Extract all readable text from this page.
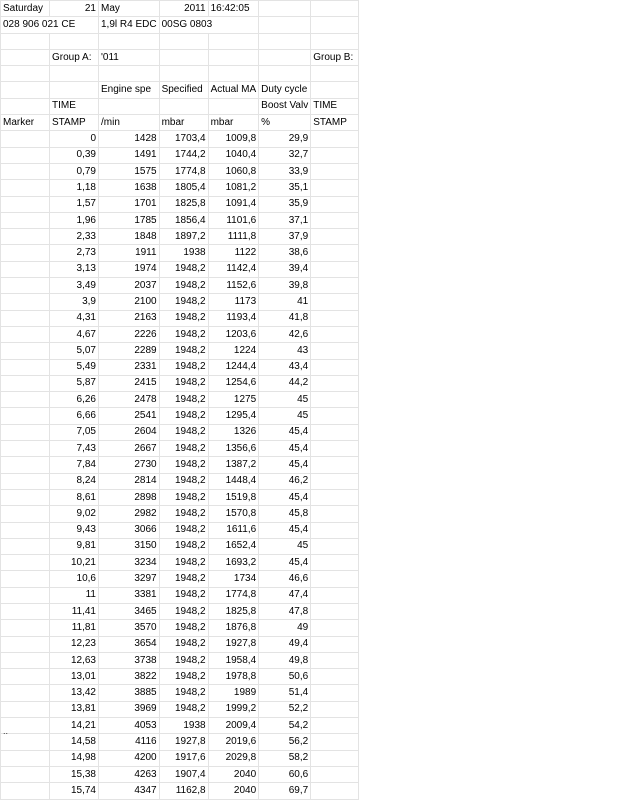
Saturday	21	May	2011	16:42:05		
028 906 021 CE		1,9l R4 EDC	00SG 0803			

	Group A:	'011				Group B:

		Engine spe	Specified	Actual MA	Duty cycle	
	TIME				Boost Valv	TIME
Marker	STAMP	/min	mbar	mbar	%	STAMP
	0	1428	1703,4	1009,8	29,9	
	0,39	1491	1744,2	1040,4	32,7	
	0,79	1575	1774,8	1060,8	33,9	
	1,18	1638	1805,4	1081,2	35,1	
	1,57	1701	1825,8	1091,4	35,9	
	1,96	1785	1856,4	1101,6	37,1	
	2,33	1848	1897,2	1111,8	37,9	
	2,73	1911	1938	1122	38,6	
	3,13	1974	1948,2	1142,4	39,4	
	3,49	2037	1948,2	1152,6	39,8	
	3,9	2100	1948,2	1173	41	
	4,31	2163	1948,2	1193,4	41,8	
	4,67	2226	1948,2	1203,6	42,6	
	5,07	2289	1948,2	1224	43	
	5,49	2331	1948,2	1244,4	43,4	
	5,87	2415	1948,2	1254,6	44,2	
	6,26	2478	1948,2	1275	45	
	6,66	2541	1948,2	1295,4	45	
	7,05	2604	1948,2	1326	45,4	
	7,43	2667	1948,2	1356,6	45,4	
	7,84	2730	1948,2	1387,2	45,4	
	8,24	2814	1948,2	1448,4	46,2	
	8,61	2898	1948,2	1519,8	45,4	
	9,02	2982	1948,2	1570,8	45,8	
	9,43	3066	1948,2	1611,6	45,4	
	9,81	3150	1948,2	1652,4	45	
	10,21	3234	1948,2	1693,2	45,4	
	10,6	3297	1948,2	1734	46,6	
	11	3381	1948,2	1774,8	47,4	
	11,41	3465	1948,2	1825,8	47,8	
	11,81	3570	1948,2	1876,8	49	
	12,23	3654	1948,2	1927,8	49,4	
	12,63	3738	1948,2	1958,4	49,8	
	13,01	3822	1948,2	1978,8	50,6	
	13,42	3885	1948,2	1989	51,4	
	13,81	3969	1948,2	1999,2	52,2	
	14,21	4053	1938	2009,4	54,2	
	14,58	4116	1927,8	2019,6	56,2	
	14,98	4200	1917,6	2029,8	58,2	
	15,38	4263	1907,4	2040	60,6	
	15,74	4347	1162,8	2040	69,7	
..
